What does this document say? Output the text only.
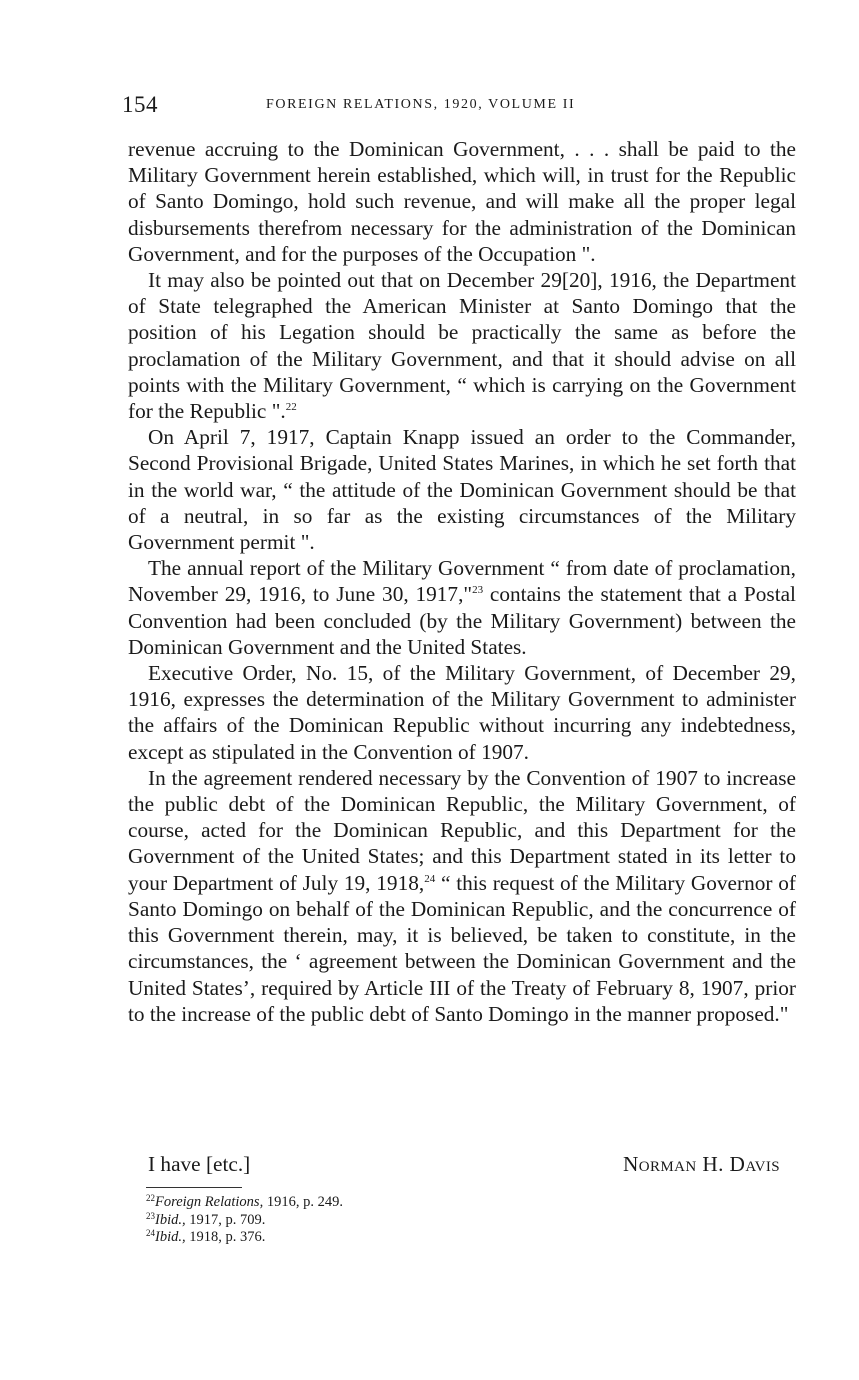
154	FOREIGN RELATIONS, 1920, VOLUME II

revenue accruing to the Dominican Government, . . . shall be paid to the Military Government herein established, which will, in trust for the Republic of Santo Domingo, hold such revenue, and will make all the proper legal disbursements therefrom necessary for the administration of the Dominican Government, and for the purposes of the Occupation ".

It may also be pointed out that on December 29[20], 1916, the Department of State telegraphed the American Minister at Santo Domingo that the position of his Legation should be practically the same as before the proclamation of the Military Government, and that it should advise on all points with the Military Government, “ which is carrying on the Government for the Republic ".$^{22}$

On April 7, 1917, Captain Knapp issued an order to the Commander, Second Provisional Brigade, United States Marines, in which he set forth that in the world war, “ the attitude of the Dominican Government should be that of a neutral, in so far as the existing circumstances of the Military Government permit ".

The annual report of the Military Government “ from date of proclamation, November 29, 1916, to June 30, 1917,"$^{23}$ contains the statement that a Postal Convention had been concluded (by the Military Government) between the Dominican Government and the United States.

Executive Order, No. 15, of the Military Government, of December 29, 1916, expresses the determination of the Military Government to administer the affairs of the Dominican Republic without incurring any indebtedness, except as stipulated in the Convention of 1907.

In the agreement rendered necessary by the Convention of 1907 to increase the public debt of the Dominican Republic, the Military Government, of course, acted for the Dominican Republic, and this Department for the Government of the United States; and this Department stated in its letter to your Department of July 19, 1918,24 “ this request of the Military Governor of Santo Domingo on behalf of the Dominican Republic, and the concurrence of this Government therein, may, it is believed, be taken to constitute, in the circumstances, the ‘ agreement between the Dominican Government and the United States’, required by Article III of the Treaty of February 8, 1907, prior to the increase of the public debt of Santo Domingo in the manner proposed."

I have [etc.]	Norman H. Davis
$^{22}$Foreign Relations, 1916, p. 249.
$^{23}$Ibid., 1917, p. 709.
$^{24}$Ibid., 1918, p. 376.
